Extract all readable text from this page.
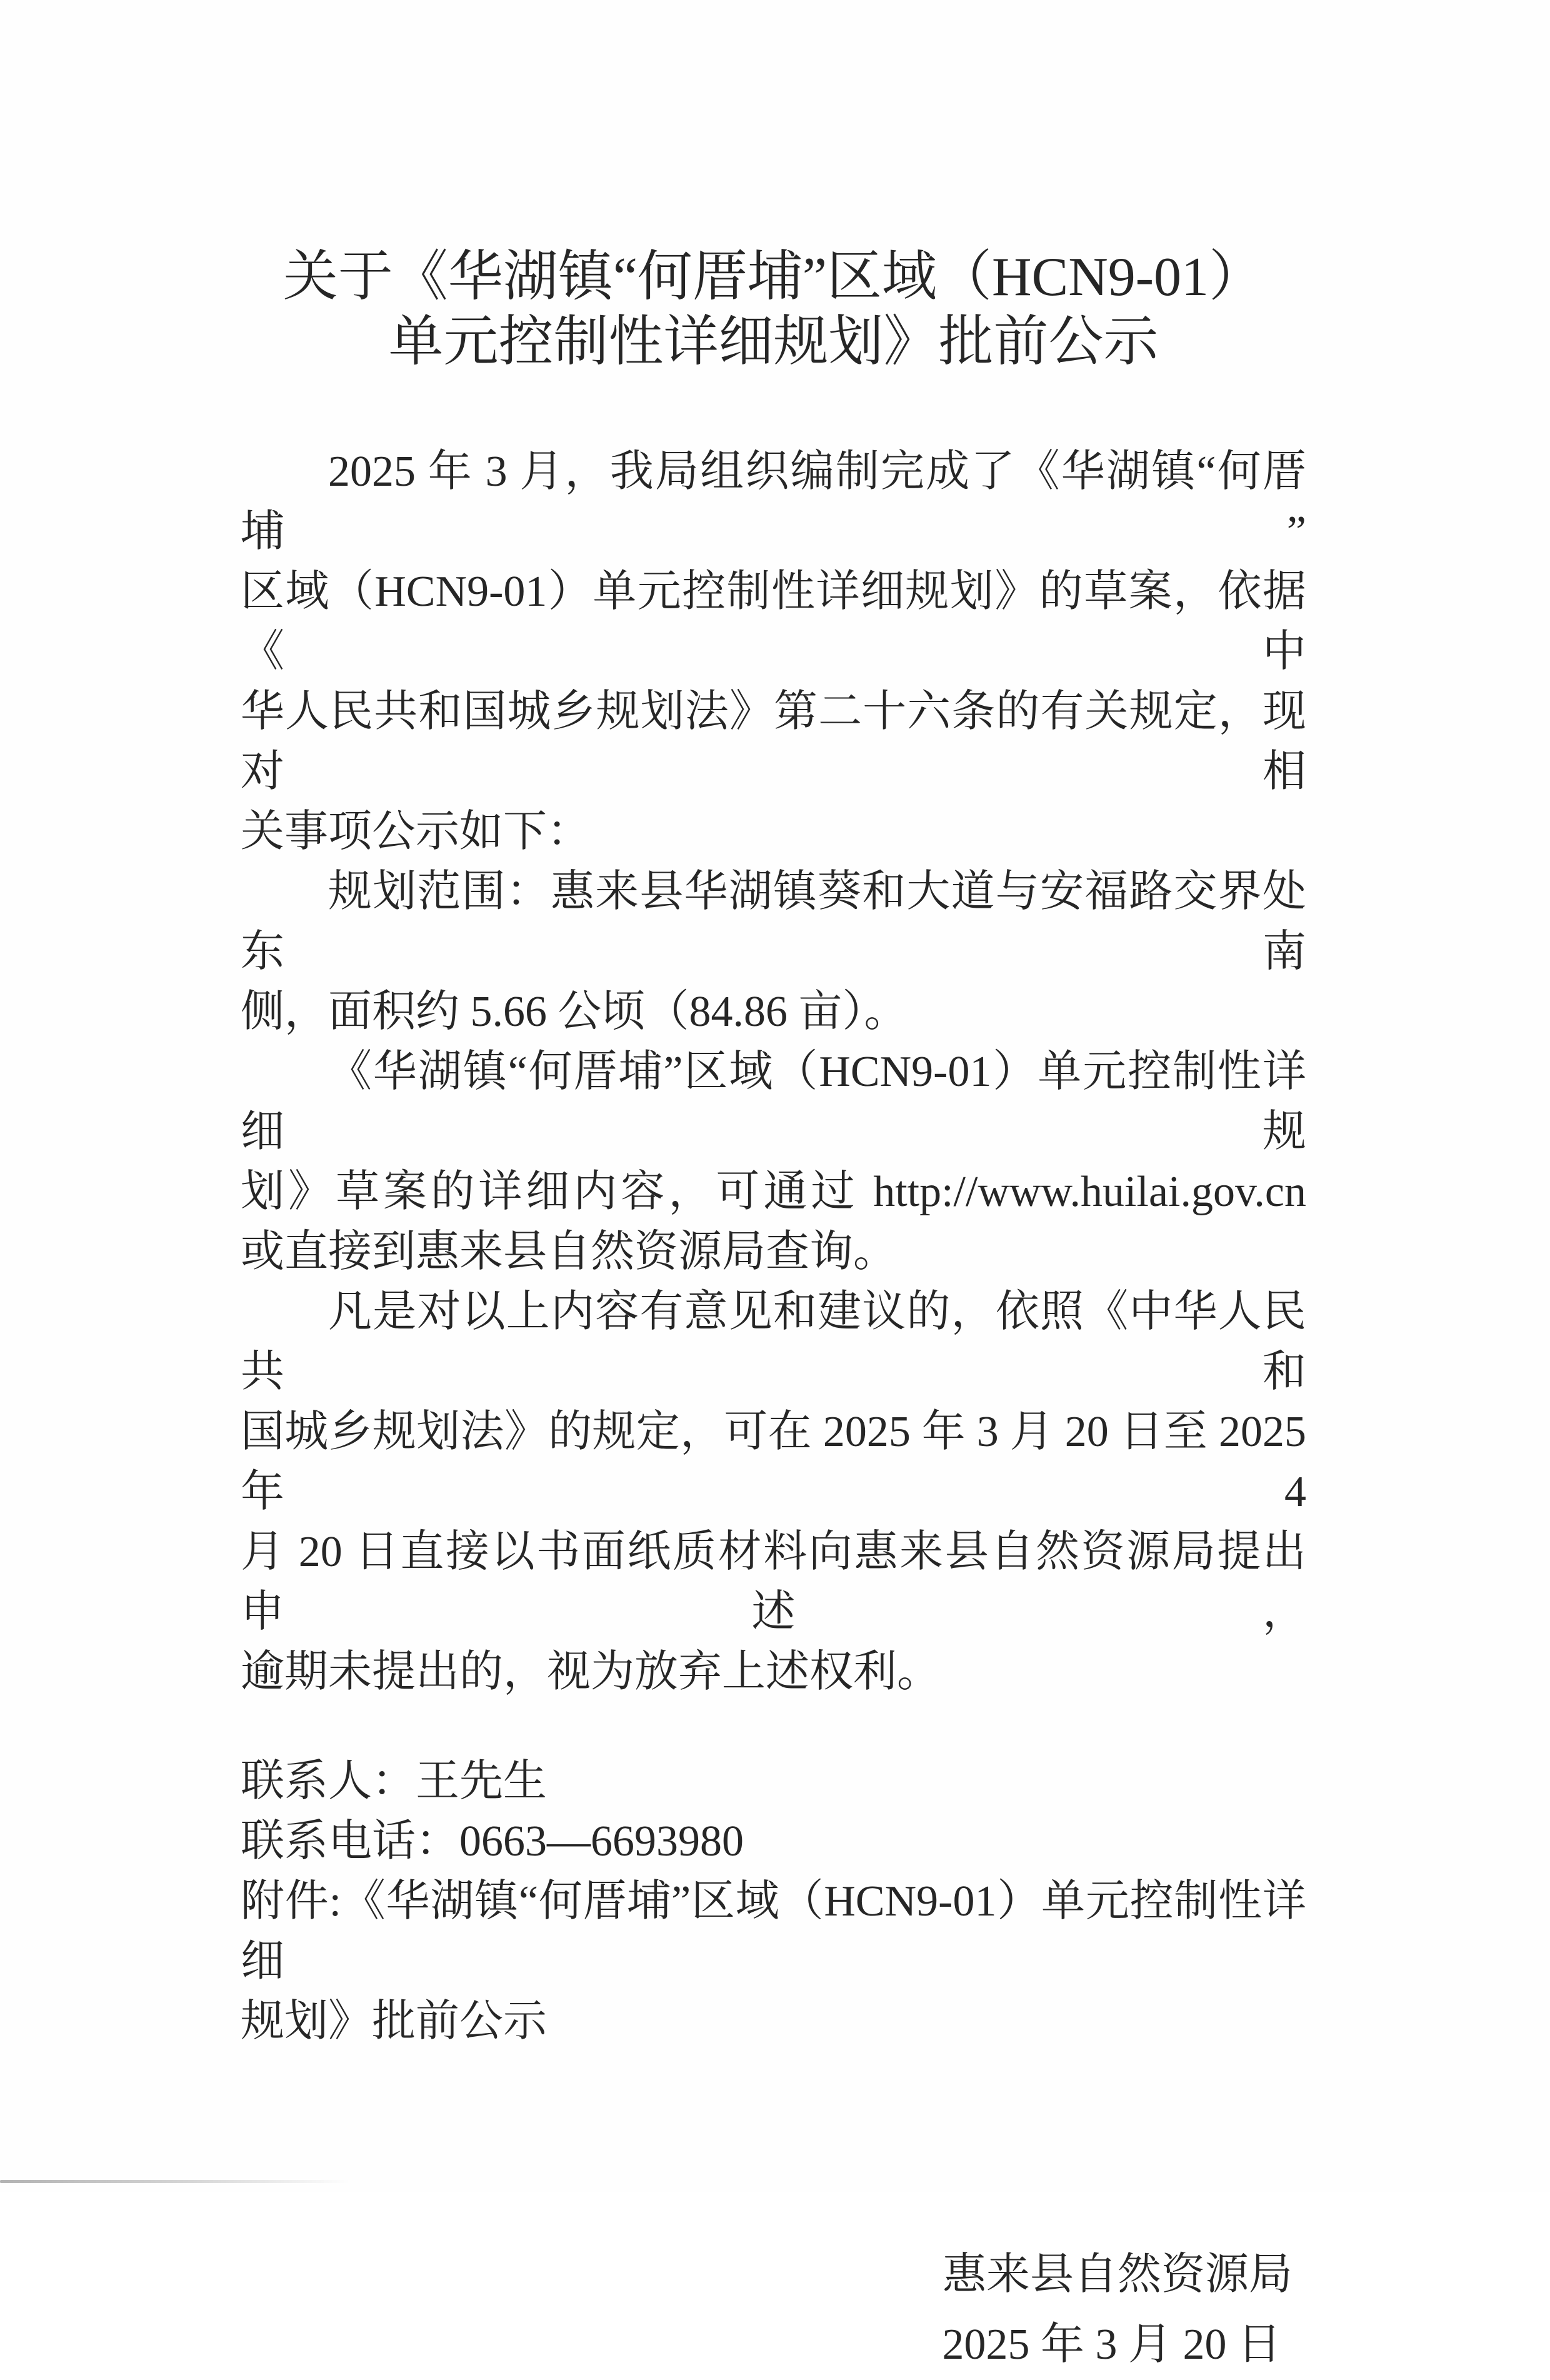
关于《华湖镇“何厝埔”区域（HCN9-01）
单元控制性详细规划》批前公示
2025 年 3 月，我局组织编制完成了《华湖镇“何厝埔”
区域（HCN9-01）单元控制性详细规划》的草案，依据《中
华人民共和国城乡规划法》第二十六条的有关规定，现对相
关事项公示如下：
规划范围：惠来县华湖镇葵和大道与安福路交界处东南
侧，面积约 5.66 公顷（84.86 亩）。
《华湖镇“何厝埔”区域（HCN9-01）单元控制性详细规
划》草案的详细内容，可通过 http://www.huilai.gov.cn
或直接到惠来县自然资源局查询。
凡是对以上内容有意见和建议的，依照《中华人民共和
国城乡规划法》的规定，可在 2025 年 3 月 20 日至 2025 年 4
月 20 日直接以书面纸质材料向惠来县自然资源局提出申述，
逾期未提出的，视为放弃上述权利。
联系人：王先生
联系电话：0663—6693980
附件:《华湖镇“何厝埔”区域（HCN9-01）单元控制性详细
规划》批前公示
惠来县自然资源局
2025 年 3 月 20 日
